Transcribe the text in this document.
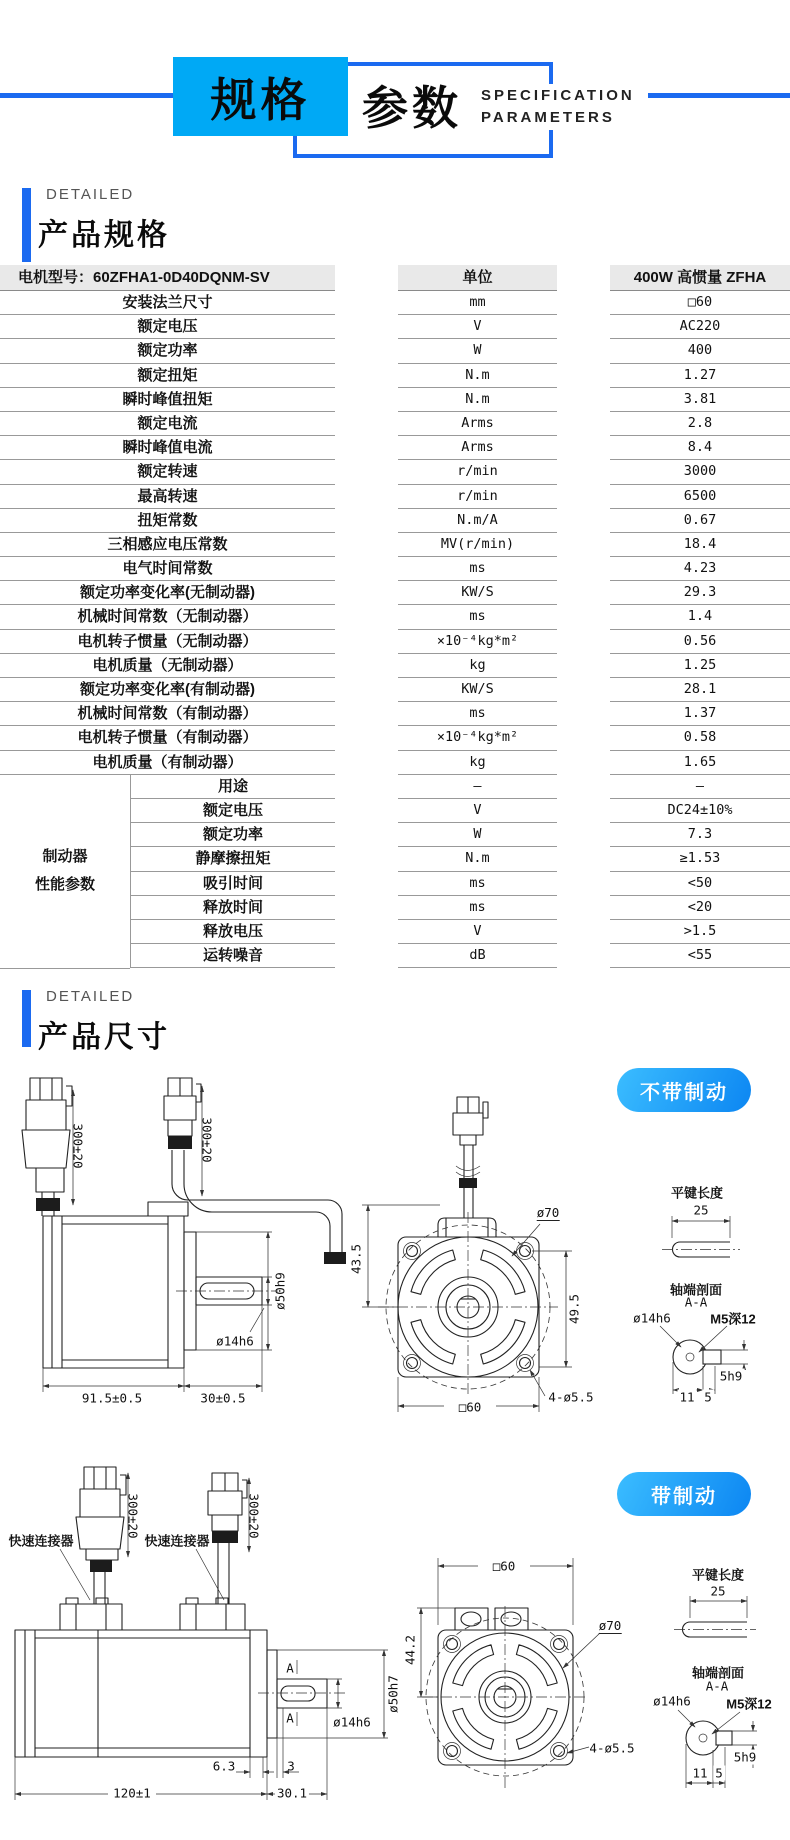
规格 参数 SPECIFICATION
PARAMETERS
DETAILED
产品规格
电机型号：60ZFHA1-0D40DQNM-SV	单位	400W 高惯量 ZFHA
安装法兰尺寸	mm	□60
额定电压	V	AC220
额定功率	W	400
额定扭矩	N.m	1.27
瞬时峰值扭矩	N.m	3.81
额定电流	Arms	2.8
瞬时峰值电流	Arms	8.4
额定转速	r/min	3000
最高转速	r/min	6500
扭矩常数	N.m/A	0.67
三相感应电压常数	MV(r/min)	18.4
电气时间常数	ms	4.23
额定功率变化率(无制动器)	KW/S	29.3
机械时间常数（无制动器）	ms	1.4
电机转子惯量（无制动器）	×10⁻⁴kg*m²	0.56
电机质量（无制动器）	kg	1.25
额定功率变化率(有制动器)	KW/S	28.1
机械时间常数（有制动器）	ms	1.37
电机转子惯量（有制动器）	×10⁻⁴kg*m²	0.58
电机质量（有制动器）	kg	1.65
用途	—	—
额定电压	V	DC24±10%
额定功率	W	7.3
静摩擦扭矩	N.m	≥1.53
吸引时间	ms	<50
释放时间	ms	<20
释放电压	V	>1.5
运转噪音	dB	<55
制动器
性能参数
DETAILED
产品尺寸
不带制动
300±20	300±20
91.5±0.5	30±0.5
ø50h9
ø14h6
43.5
49.5
ø70
□60
4-ø5.5
平键长度
25
轴端剖面
A-A
ø14h6	M5深12
5h9
11 5
带制动
快速连接器	快速连接器
300±20	300±20
A
A
ø50h7
ø14h6
6.3	3
120±1	30.1
□60
44.2
ø70
4-ø5.5
平键长度
25
轴端剖面
A-A
ø14h6	M5深12
5h9
11 5
